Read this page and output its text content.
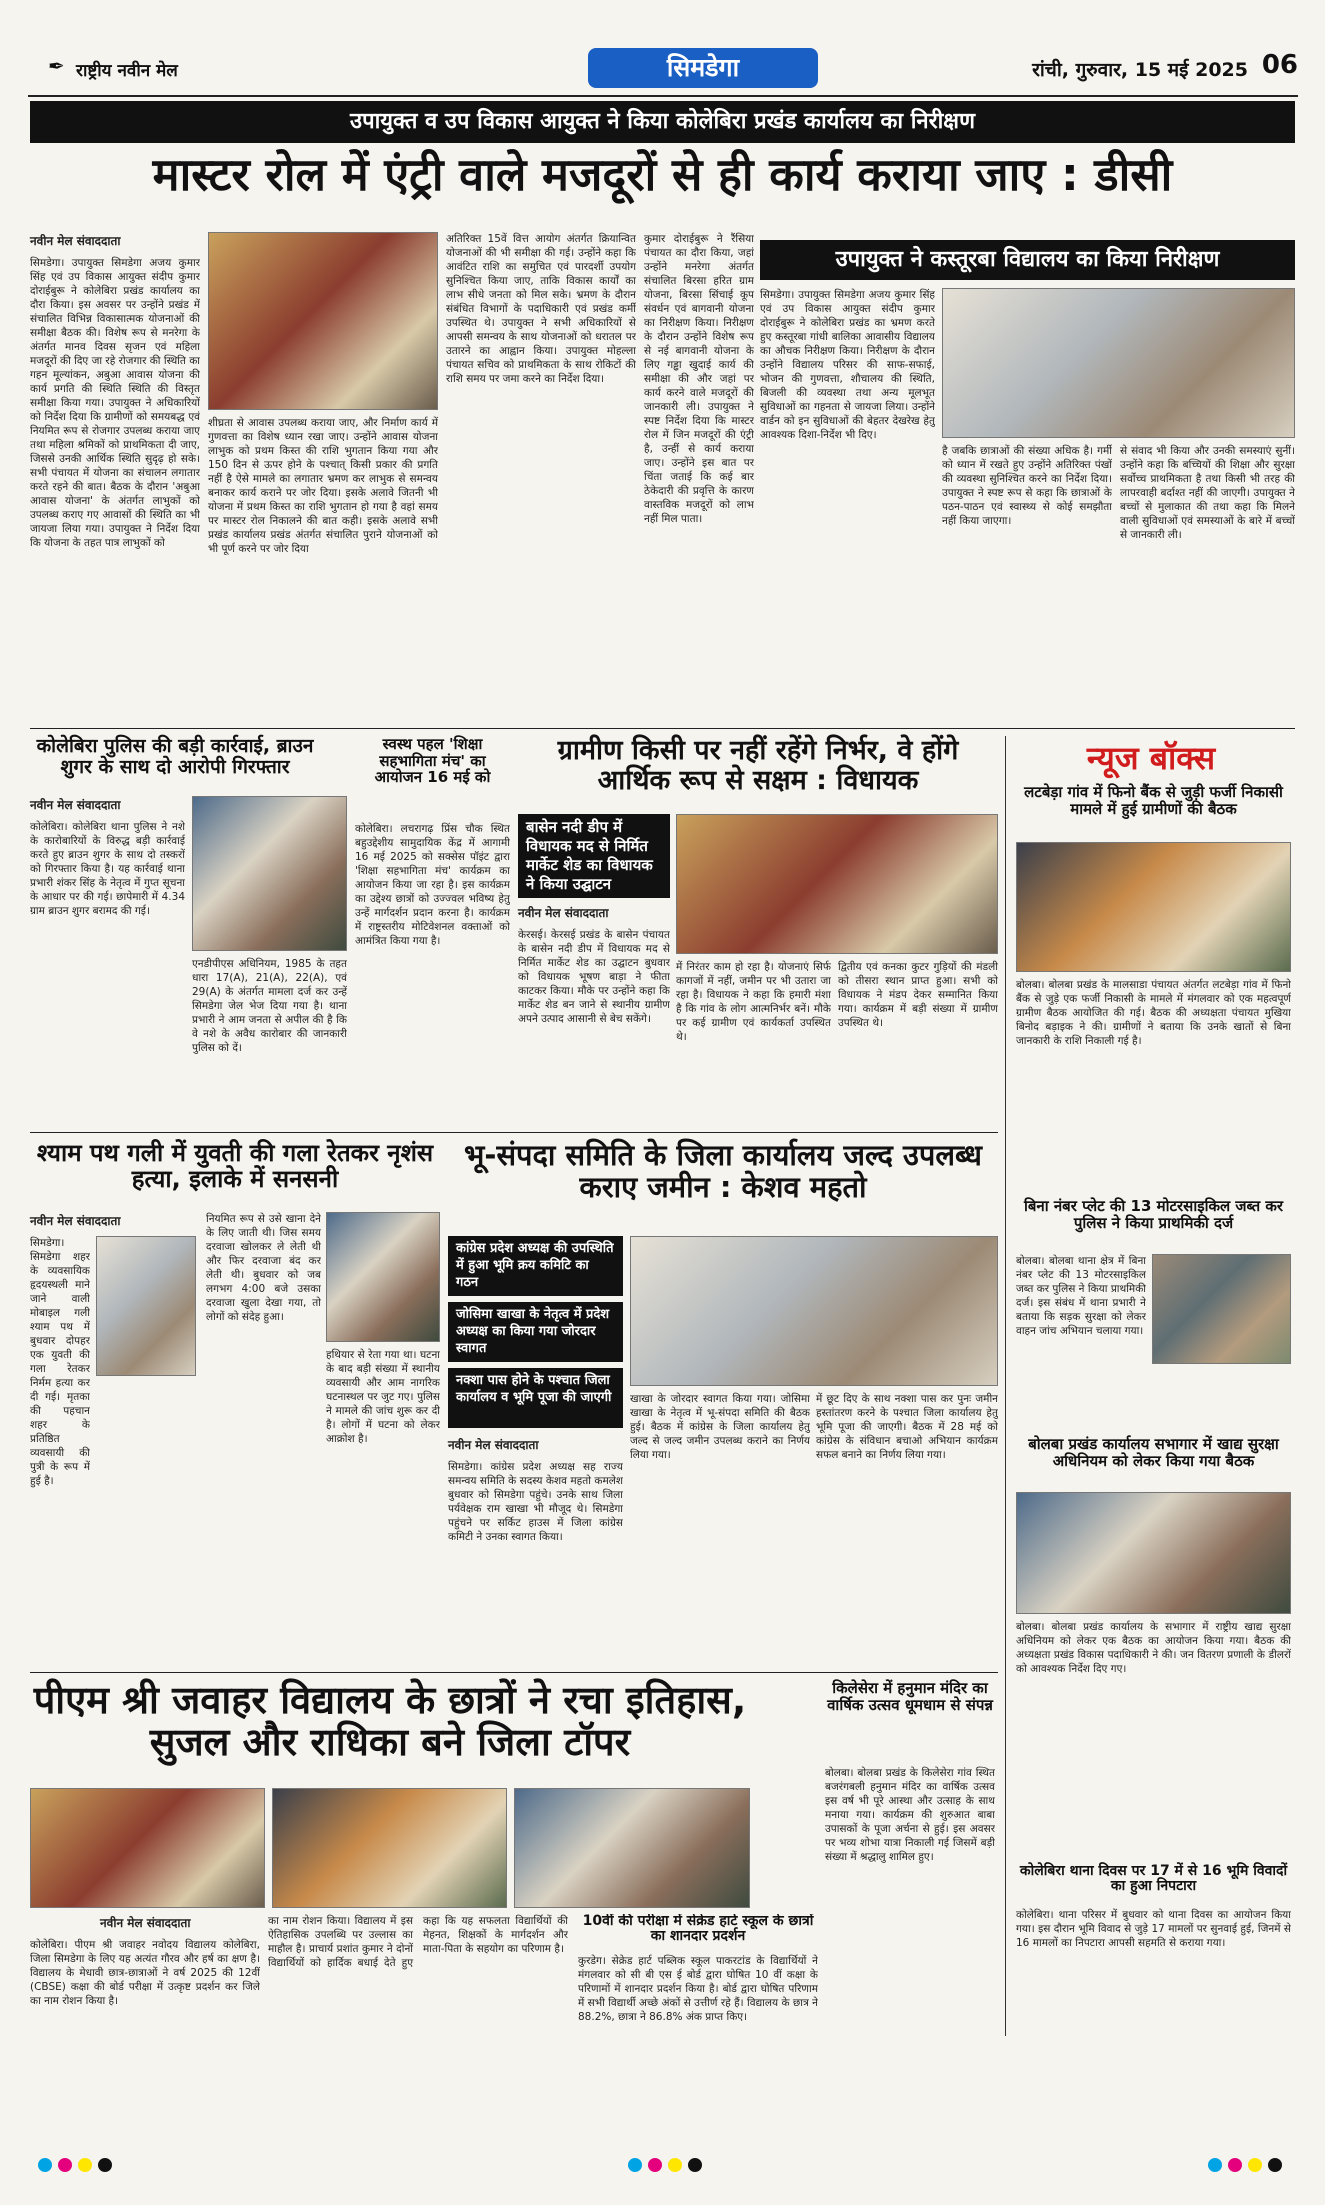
✒ राष्ट्रीय नवीन मेल	सिमडेगा	रांची, गुरुवार, 15 मई 2025 06
उपायुक्त व उप विकास आयुक्त ने किया कोलेबिरा प्रखंड कार्यालय का निरीक्षण
मास्टर रोल में एंट्री वाले मजदूरों से ही कार्य कराया जाए : डीसी
नवीन मेल संवाददाता
सिमडेगा। उपायुक्त सिमडेगा अजय कुमार सिंह एवं उप विकास आयुक्त संदीप कुमार दोराईबुरू ने कोलेबिरा प्रखंड कार्यालय का दौरा किया। इस अवसर पर उन्होंने प्रखंड में संचालित विभिन्न विकासात्मक योजनाओं की समीक्षा बैठक की। विशेष रूप से मनरेगा के अंतर्गत मानव दिवस सृजन एवं महिला मजदूरों की दिए जा रहे रोजगार की स्थिति का गहन मूल्यांकन, अबुआ आवास योजना की कार्य प्रगति की स्थिति स्थिति की विस्तृत समीक्षा किया गया। उपायुक्त ने अधिकारियों को निर्देश दिया कि ग्रामीणों को समयबद्ध एवं नियमित रूप से रोजगार उपलब्ध कराया जाए तथा महिला श्रमिकों को प्राथमिकता दी जाए, जिससे उनकी आर्थिक स्थिति सुदृढ़ हो सके। सभी पंचायत में योजना का संचालन लगातार करते रहने की बात। बैठक के दौरान 'अबुआ आवास योजना' के अंतर्गत लाभुकों को उपलब्ध कराए गए आवासों की स्थिति का भी जायजा लिया गया। उपायुक्त ने निर्देश दिया कि योजना के तहत पात्र लाभुकों को
शीघ्रता से आवास उपलब्ध कराया जाए, और निर्माण कार्य में गुणवत्ता का विशेष ध्यान रखा जाए। उन्होंने आवास योजना लाभुक को प्रथम किस्त की राशि भुगतान किया गया और 150 दिन से ऊपर होने के पश्चात् किसी प्रकार की प्रगति नहीं है ऐसे मामले का लगातार भ्रमण कर लाभुक से समन्वय बनाकर कार्य कराने पर जोर दिया। इसके अलावे जितनी भी योजना में प्रथम किस्त का राशि भुगतान हो गया है वहां समय पर मास्टर रोल निकालने की बात कही। इसके अलावे सभी प्रखंड कार्यालय प्रखंड अंतर्गत संचालित पुराने योजनाओं को भी पूर्ण करने पर जोर दिया
अतिरिक्त 15वें वित्त आयोग अंतर्गत क्रियान्वित योजनाओं की भी समीक्षा की गई। उन्होंने कहा कि आवंटित राशि का समुचित एवं पारदर्शी उपयोग सुनिश्चित किया जाए, ताकि विकास कार्यों का लाभ सीधे जनता को मिल सके। भ्रमण के दौरान संबंधित विभागों के पदाधिकारी एवं प्रखंड कर्मी उपस्थित थे। उपायुक्त ने सभी अधिकारियों से आपसी समन्वय के साथ योजनाओं को धरातल पर उतारने का आह्वान किया। उपायुक्त मोहल्ला पंचायत सचिव को प्राथमिकता के साथ रोकिटों की राशि समय पर जमा करने का निर्देश दिया।
कुमार दोराईबुरू ने रैंसिया पंचायत का दौरा किया, जहां उन्होंने मनरेगा अंतर्गत संचालित बिरसा हरित ग्राम योजना, बिरसा सिंचाई कूप संवर्धन एवं बागवानी योजना का निरीक्षण किया। निरीक्षण के दौरान उन्होंने विशेष रूप से नई बागवानी योजना के लिए गड्ढा खुदाई कार्य की समीक्षा की और जहां पर कार्य करने वाले मजदूरों की जानकारी ली। उपायुक्त ने स्पष्ट निर्देश दिया कि मास्टर रोल में जिन मजदूरों की एंट्री है, उन्हीं से कार्य कराया जाए। उन्होंने इस बात पर चिंता जताई कि कई बार ठेकेदारी की प्रवृत्ति के कारण वास्तविक मजदूरों को लाभ नहीं मिल पाता।
उपायुक्त ने कस्तूरबा विद्यालय का किया निरीक्षण
सिमडेगा। उपायुक्त सिमडेगा अजय कुमार सिंह एवं उप विकास आयुक्त संदीप कुमार दोराईबुरू ने कोलेबिरा प्रखंड का भ्रमण करते हुए कस्तूरबा गांधी बालिका आवासीय विद्यालय का औचक निरीक्षण किया। निरीक्षण के दौरान उन्होंने विद्यालय परिसर की साफ-सफाई, भोजन की गुणवत्ता, शौचालय की स्थिति, बिजली की व्यवस्था तथा अन्य मूलभूत सुविधाओं का गहनता से जायजा लिया। उन्होंने वार्डन को इन सुविधाओं की बेहतर देखरेख हेतु आवश्यक दिशा-निर्देश भी दिए।
है जबकि छात्राओं की संख्या अधिक है। गर्मी को ध्यान में रखते हुए उन्होंने अतिरिक्त पंखों की व्यवस्था सुनिश्चित करने का निर्देश दिया। उपायुक्त ने स्पष्ट रूप से कहा कि छात्राओं के पठन-पाठन एवं स्वास्थ्य से कोई समझौता नहीं किया जाएगा।
से संवाद भी किया और उनकी समस्याएं सुनीं। उन्होंने कहा कि बच्चियों की शिक्षा और सुरक्षा सर्वोच्च प्राथमिकता है तथा किसी भी तरह की लापरवाही बर्दाश्त नहीं की जाएगी। उपायुक्त ने बच्चों से मुलाकात की तथा कहा कि मिलने वाली सुविधाओं एवं समस्याओं के बारे में बच्चों से जानकारी ली।
कोलेबिरा पुलिस की बड़ी कार्रवाई, ब्राउन शुगर के साथ दो आरोपी गिरफ्तार
नवीन मेल संवाददाता
कोलेबिरा। कोलेबिरा थाना पुलिस ने नशे के कारोबारियों के विरुद्ध बड़ी कार्रवाई करते हुए ब्राउन शुगर के साथ दो तस्करों को गिरफ्तार किया है। यह कार्रवाई थाना प्रभारी शंकर सिंह के नेतृत्व में गुप्त सूचना के आधार पर की गई। छापेमारी में 4.34 ग्राम ब्राउन शुगर बरामद की गई।
एनडीपीएस अधिनियम, 1985 के तहत धारा 17(A), 21(A), 22(A), एवं 29(A) के अंतर्गत मामला दर्ज कर उन्हें सिमडेगा जेल भेज दिया गया है। थाना प्रभारी ने आम जनता से अपील की है कि वे नशे के अवैध कारोबार की जानकारी पुलिस को दें।
स्वस्थ पहल 'शिक्षा सहभागिता मंच' का आयोजन 16 मई को
कोलेबिरा। लचरागढ़ प्रिंस चौक स्थित बहुउद्देशीय सामुदायिक केंद्र में आगामी 16 मई 2025 को सक्सेस पॉइंट द्वारा 'शिक्षा सहभागिता मंच' कार्यक्रम का आयोजन किया जा रहा है। इस कार्यक्रम का उद्देश्य छात्रों को उज्ज्वल भविष्य हेतु उन्हें मार्गदर्शन प्रदान करना है। कार्यक्रम में राष्ट्रस्तरीय मोटिवेशनल वक्ताओं को आमंत्रित किया गया है।
ग्रामीण किसी पर नहीं रहेंगे निर्भर, वे होंगे आर्थिक रूप से सक्षम : विधायक
बासेन नदी डीप में विधायक मद से निर्मित मार्केट शेड का विधायक ने किया उद्घाटन
नवीन मेल संवाददाता
केरसई। केरसई प्रखंड के बासेन पंचायत के बासेन नदी डीप में विधायक मद से निर्मित मार्केट शेड का उद्घाटन बुधवार को विधायक भूषण बाड़ा ने फीता काटकर किया। मौके पर उन्होंने कहा कि मार्केट शेड बन जाने से स्थानीय ग्रामीण अपने उत्पाद आसानी से बेच सकेंगे।
में निरंतर काम हो रहा है। योजनाएं सिर्फ कागजों में नहीं, जमीन पर भी उतारा जा रहा है। विधायक ने कहा कि हमारी मंशा है कि गांव के लोग आत्मनिर्भर बनें। मौके पर कई ग्रामीण एवं कार्यकर्ता उपस्थित थे।
द्वितीय एवं कनका कुटर गुड़ियों की मंडली को तीसरा स्थान प्राप्त हुआ। सभी को विधायक ने मंडप देकर सम्मानित किया गया। कार्यक्रम में बड़ी संख्या में ग्रामीण उपस्थित थे।
न्यूज बॉक्स
लटबेड़ा गांव में फिनो बैंक से जुड़ी फर्जी निकासी मामले में हुई ग्रामीणों की बैठक
बोलबा। बोलबा प्रखंड के मालसाडा पंचायत अंतर्गत लटबेड़ा गांव में फिनो बैंक से जुड़े एक फर्जी निकासी के मामले में मंगलवार को एक महत्वपूर्ण ग्रामीण बैठक आयोजित की गई। बैठक की अध्यक्षता पंचायत मुखिया बिनोद बड़ाइक ने की। ग्रामीणों ने बताया कि उनके खातों से बिना जानकारी के राशि निकाली गई है।
बिना नंबर प्लेट की 13 मोटरसाइकिल जब्त कर पुलिस ने किया प्राथमिकी दर्ज
बोलबा। बोलबा थाना क्षेत्र में बिना नंबर प्लेट की 13 मोटरसाइकिल जब्त कर पुलिस ने किया प्राथमिकी दर्ज। इस संबंध में थाना प्रभारी ने बताया कि सड़क सुरक्षा को लेकर वाहन जांच अभियान चलाया गया।
बोलबा प्रखंड कार्यालय सभागार में खाद्य सुरक्षा अधिनियम को लेकर किया गया बैठक
बोलबा। बोलबा प्रखंड कार्यालय के सभागार में राष्ट्रीय खाद्य सुरक्षा अधिनियम को लेकर एक बैठक का आयोजन किया गया। बैठक की अध्यक्षता प्रखंड विकास पदाधिकारी ने की। जन वितरण प्रणाली के डीलरों को आवश्यक निर्देश दिए गए।
कोलेबिरा थाना दिवस पर 17 में से 16 भूमि विवादों का हुआ निपटारा
कोलेबिरा। थाना परिसर में बुधवार को थाना दिवस का आयोजन किया गया। इस दौरान भूमि विवाद से जुड़े 17 मामलों पर सुनवाई हुई, जिनमें से 16 मामलों का निपटारा आपसी सहमति से कराया गया।
श्याम पथ गली में युवती की गला रेतकर नृशंस हत्या, इलाके में सनसनी
नवीन मेल संवाददाता
सिमडेगा। सिमडेगा शहर के व्यवसायिक हृदयस्थली माने जाने वाली मोबाइल गली श्याम पथ में बुधवार दोपहर एक युवती की गला रेतकर निर्मम हत्या कर दी गई। मृतका की पहचान शहर के प्रतिष्ठित व्यवसायी की पुत्री के रूप में हुई है।
नियमित रूप से उसे खाना देने के लिए जाती थी। जिस समय दरवाजा खोलकर ले लेती थी और फिर दरवाजा बंद कर लेती थी। बुधवार को जब लगभग 4:00 बजे उसका दरवाजा खुला देखा गया, तो लोगों को संदेह हुआ।
हथियार से रेता गया था। घटना के बाद बड़ी संख्या में स्थानीय व्यवसायी और आम नागरिक घटनास्थल पर जुट गए। पुलिस ने मामले की जांच शुरू कर दी है। लोगों में घटना को लेकर आक्रोश है।
भू-संपदा समिति के जिला कार्यालय जल्द उपलब्ध कराए जमीन : केशव महतो
कांग्रेस प्रदेश अध्यक्ष की उपस्थिति में हुआ भूमि क्रय कमिटि का गठन
जोसिमा खाखा के नेतृत्व में प्रदेश अध्यक्ष का किया गया जोरदार स्वागत
नक्शा पास होने के पश्चात जिला कार्यालय व भूमि पूजा की जाएगी
नवीन मेल संवाददाता
सिमडेगा। कांग्रेस प्रदेश अध्यक्ष सह राज्य समन्वय समिति के सदस्य केशव महतो कमलेश बुधवार को सिमडेगा पहुंचे। उनके साथ जिला पर्यवेक्षक राम खाखा भी मौजूद थे। सिमडेगा पहुंचने पर सर्किट हाउस में जिला कांग्रेस कमिटी ने उनका स्वागत किया।
खाखा के जोरदार स्वागत किया गया। जोसिमा खाखा के नेतृत्व में भू-संपदा समिति की बैठक हुई। बैठक में कांग्रेस के जिला कार्यालय हेतु जल्द से जल्द जमीन उपलब्ध कराने का निर्णय लिया गया।
में छूट दिए के साथ नक्शा पास कर पुनः जमीन हस्तांतरण करने के पश्चात जिला कार्यालय हेतु भूमि पूजा की जाएगी। बैठक में 28 मई को कांग्रेस के संविधान बचाओ अभियान कार्यक्रम सफल बनाने का निर्णय लिया गया।
पीएम श्री जवाहर विद्यालय के छात्रों ने रचा इतिहास, सुजल और राधिका बने जिला टॉपर
नवीन मेल संवाददाता
कोलेबिरा। पीएम श्री जवाहर नवोदय विद्यालय कोलेबिरा, जिला सिमडेगा के लिए यह अत्यंत गौरव और हर्ष का क्षण है। विद्यालय के मेधावी छात्र-छात्राओं ने वर्ष 2025 की 12वीं (CBSE) कक्षा की बोर्ड परीक्षा में उत्कृष्ट प्रदर्शन कर जिले का नाम रोशन किया है।
का नाम रोशन किया। विद्यालय में इस ऐतिहासिक उपलब्धि पर उल्लास का माहौल है। प्राचार्य प्रशांत कुमार ने दोनों विद्यार्थियों को हार्दिक बधाई देते हुए कहा कि यह सफलता विद्यार्थियों की मेहनत, शिक्षकों के मार्गदर्शन और माता-पिता के सहयोग का परिणाम है।
किलेसेरा में हनुमान मंदिर का वार्षिक उत्सव धूमधाम से संपन्न
बोलबा। बोलबा प्रखंड के किलेसेरा गांव स्थित बजरंगबली हनुमान मंदिर का वार्षिक उत्सव इस वर्ष भी पूरे आस्था और उत्साह के साथ मनाया गया। कार्यक्रम की शुरुआत बाबा उपासकों के पूजा अर्चना से हुई। इस अवसर पर भव्य शोभा यात्रा निकाली गई जिसमें बड़ी संख्या में श्रद्धालु शामिल हुए।
10वीं की परीक्षा में सेक्रेड हार्ट स्कूल के छात्रों का शानदार प्रदर्शन
कुरडेग। सेक्रेड हार्ट पब्लिक स्कूल पाकरटांड के विद्यार्थियों ने मंगलवार को सी बी एस ई बोर्ड द्वारा घोषित 10 वीं कक्षा के परिणामों में शानदार प्रदर्शन किया है। बोर्ड द्वारा घोषित परिणाम में सभी विद्यार्थी अच्छे अंकों से उत्तीर्ण रहे हैं। विद्यालय के छात्र ने 88.2%, छात्रा ने 86.8% अंक प्राप्त किए।
